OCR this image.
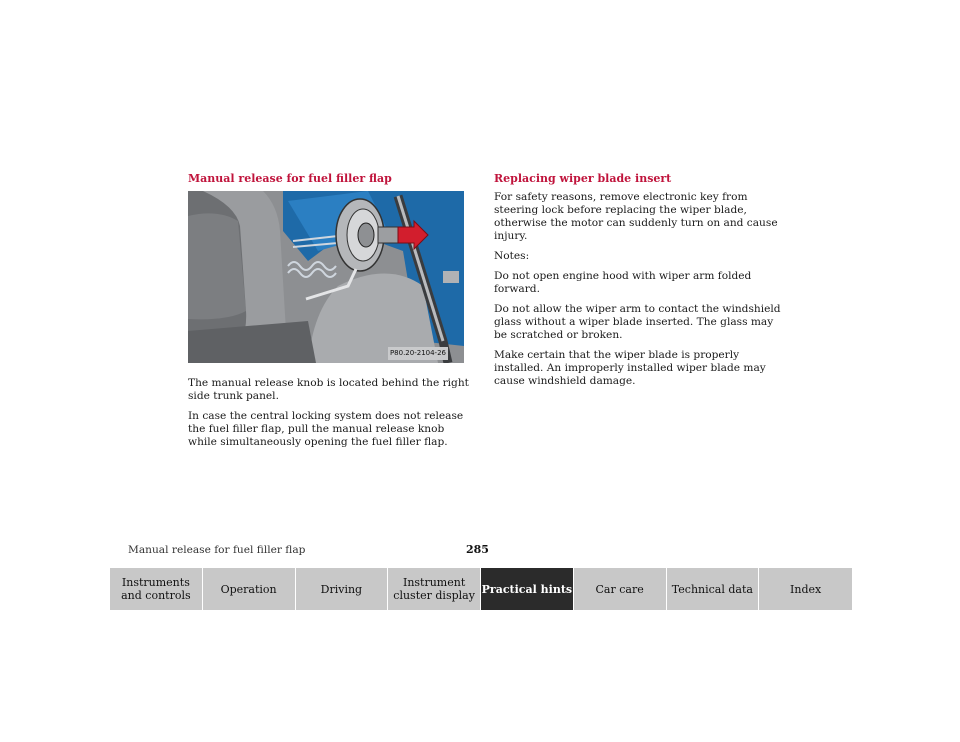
Manual release for fuel filler flap
P80.20-2104-26

The manual release knob is located behind the right side trunk panel.

In case the central locking system does not release the fuel filler flap, pull the manual release knob while simultaneously opening the fuel filler flap.

Replacing wiper blade insert

For safety reasons, remove electronic key from steering lock before replacing the wiper blade, otherwise the motor can suddenly turn on and cause injury.

Notes:

Do not open engine hood with wiper arm folded forward.

Do not allow the wiper arm to contact the windshield glass without a wiper blade inserted. The glass may be scratched or broken.

Make certain that the wiper blade is properly installed. An improperly installed wiper blade may cause windshield damage.

Manual release for fuel filler flap	285
Instruments and controls	Operation	Driving	Instrument cluster display Practical hints	Car care	Technical data	Index
